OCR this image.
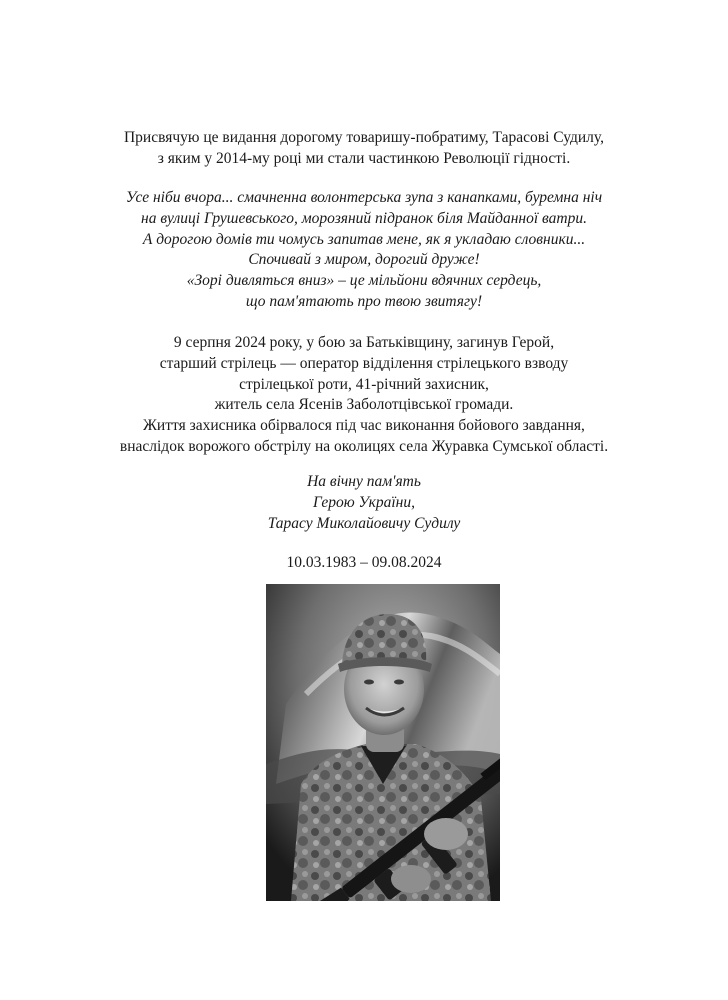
Присвячую це видання дорогому товаришу-побратиму, Тарасові Судилу,

з яким у 2014-му році ми стали частинкою Революції гідності.

Усе ніби вчора... смачненна волонтерська зупа з канапками, буремна ніч

на вулиці Грушевського, морозяний підранок біля Майданної ватри.

А дорогою домів ти чомусь запитав мене, як я укладаю словники...

Спочивай з миром, дорогий друже!

«Зорі дивляться вниз» – це мільйони вдячних сердець,

що пам'ятають про твою звитягу!

9 серпня 2024 року, у бою за Батьківщину, загинув Герой,

старший стрілець — оператор відділення стрілецького взводу

стрілецької роти, 41-річний захисник,

житель села Ясенів Заболотцівської громади.

Життя захисника обірвалося під час виконання бойового завдання,

внаслідок ворожого обстрілу на околицях села Журавка Сумської області.

На вічну пам'ять

Герою України,

Тарасу Миколайовичу Судилу

10.03.1983 – 09.08.2024
